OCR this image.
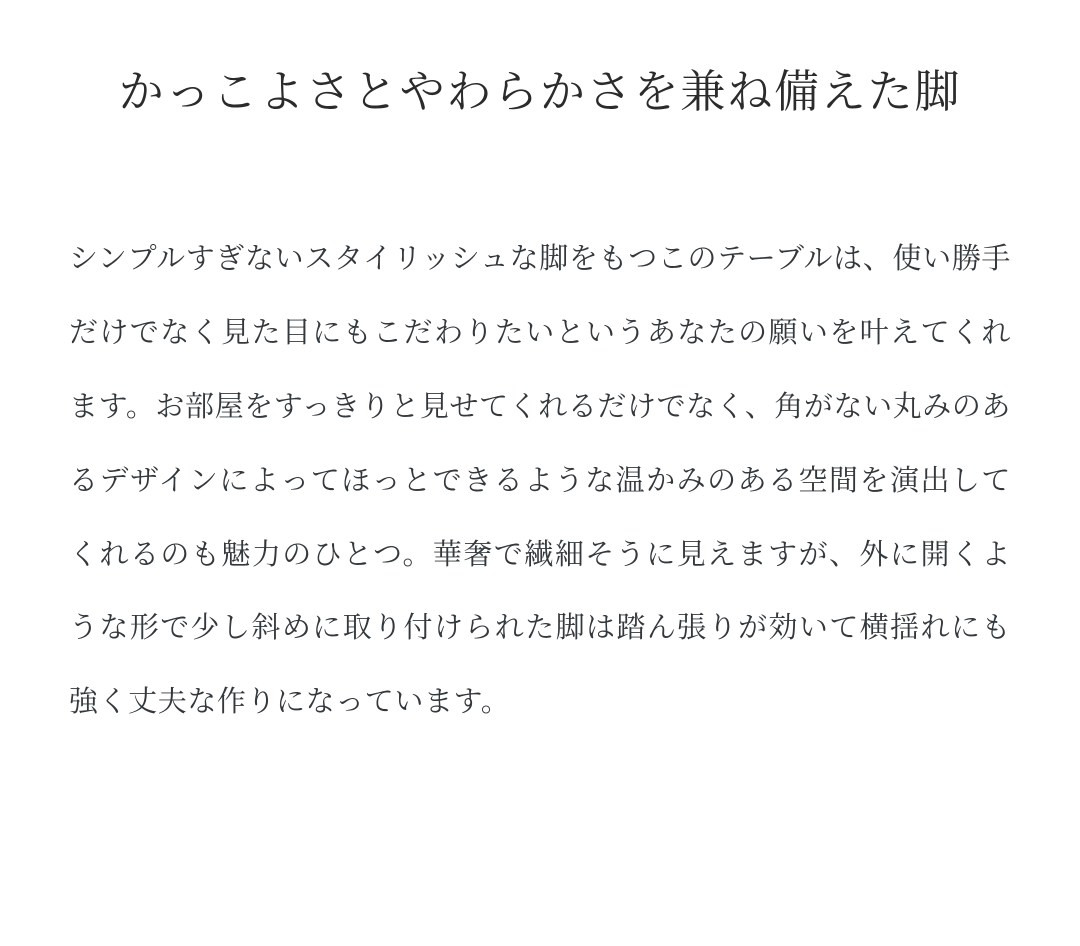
かっこよさとやわらかさを兼ね備えた脚

シンプルすぎないスタイリッシュな脚をもつこのテーブルは、使い勝手だけでなく見た目にもこだわりたいというあなたの願いを叶えてくれます。お部屋をすっきりと見せてくれるだけでなく、角がない丸みのあるデザインによってほっとできるような温かみのある空間を演出してくれるのも魅力のひとつ。華奢で繊細そうに見えますが、外に開くような形で少し斜めに取り付けられた脚は踏ん張りが効いて横揺れにも強く丈夫な作りになっています。
